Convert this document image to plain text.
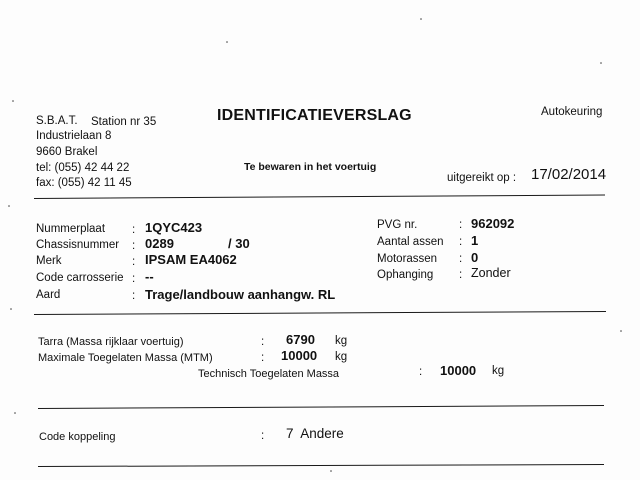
S.B.A.T. Station nr 35
Industrielaan 8
9660 Brakel
tel: (055) 42 44 22
fax: (055) 42 11 45
IDENTIFICATIEVERSLAG
Te bewaren in het voertuig
Autokeuring
uitgereikt op : 17/02/2014
Nummerplaat : 1QYC423
Chassisnummer : 0289	/ 30
Merk	: IPSAM EA4062
Code carrosserie : --
Aard	: Trage/landbouw aanhangw. RL
PVG nr.	: 962092
Aantal assen : 1
Motorassen : 0
Ophanging : Zonder
Tarra (Massa rijklaar voertuig)	: 6790 kg
Maximale Toegelaten Massa (MTM)	: 10000 kg
Technisch Toegelaten Massa	: 10000 kg
Code koppeling	: 7  Andere
